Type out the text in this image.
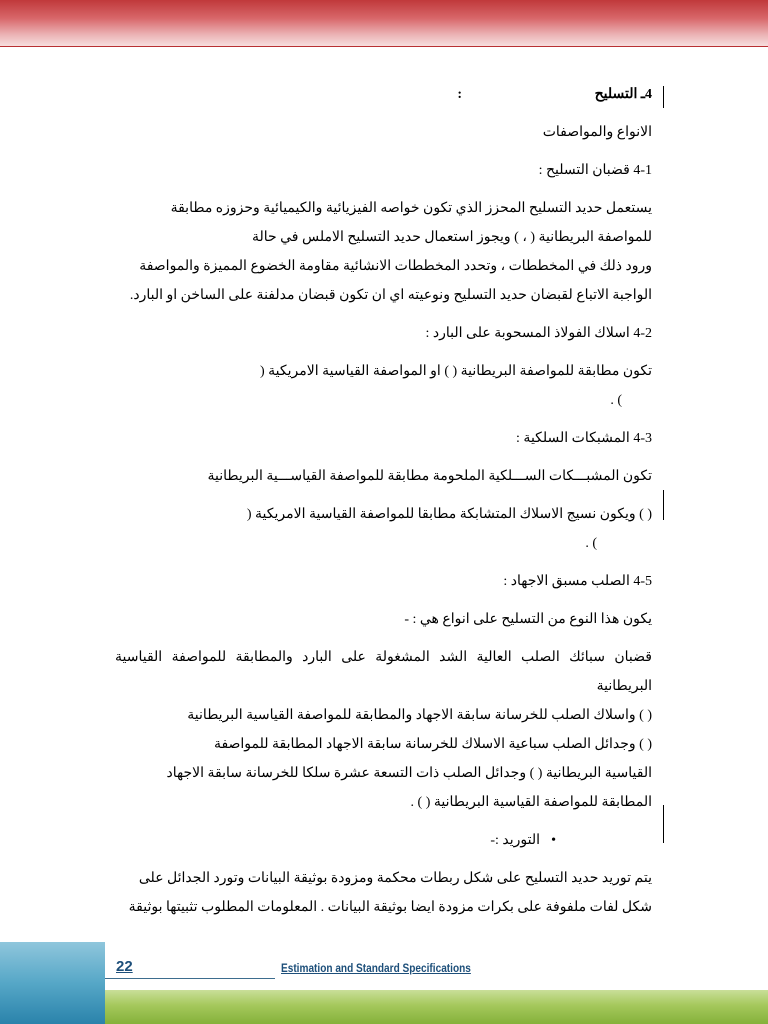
4ـ التسليح
:

الانواع والمواصفات

4-1 قضبان التسليح :

يستعمل حديد التسليح المحزز الذي تكون خواصه الفيزيائية والكيميائية وحزوزه مطابقة

للمواصفة البريطانية ( ، ) ويجوز استعمال حديد التسليح الاملس في حالة

ورود ذلك في المخططات ، وتحدد المخططات الانشائية مقاومة الخضوع المميزة والمواصفة

الواجبة الاتباع لقبضان حديد التسليح ونوعيته اي ان تكون قبضان مدلفنة على الساخن او البارد.

4-2 اسلاك الفولاذ المسحوبة على البارد :

تكون مطابقة للمواصفة البريطانية ( ) او المواصفة القياسية الامريكية (

) .

4-3 المشبكات السلكية :

تكون المشبـــكات الســـلكية الملحومة مطابقة للمواصفة القياســـية البريطانية

( ) ويكون نسيج الاسلاك المتشابكة مطابقا للمواصفة القياسية الامريكية (

) .

4-5 الصلب مسبق الاجهاد :

يكون هذا النوع من التسليح على انواع هي : -

قضبان سبائك الصلب العالية الشد المشغولة على البارد والمطابقة للمواصفة القياسية البريطانية

( ) واسلاك الصلب للخرسانة سابقة الاجهاد والمطابقة للمواصفة القياسية البريطانية

( ) وجدائل الصلب سباعية الاسلاك للخرسانة سابقة الاجهاد المطابقة للمواصفة

القياسية البريطانية ( ) وجدائل الصلب ذات التسعة عشرة سلكا للخرسانة سابقة الاجهاد

المطابقة للمواصفة القياسية البريطانية ( ) .

•
التوريد :-

يتم توريد حديد التسليح على شكل ربطات محكمة ومزودة بوثيقة البيانات وتورد الجدائل على

شكل لفات ملفوفة على بكرات مزودة ايضا بوثيقة البيانات . المعلومات المطلوب تثبيتها بوثيقة

22	Estimation and Standard Specifications
